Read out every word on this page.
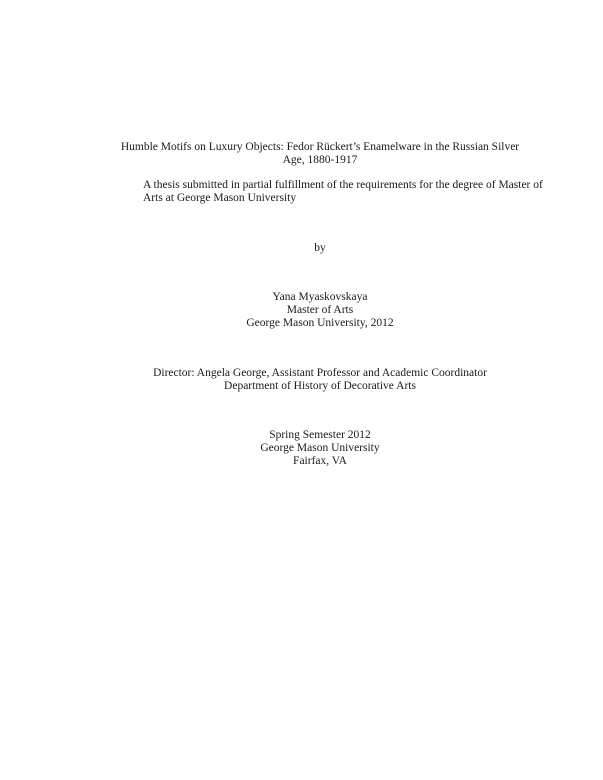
Humble Motifs on Luxury Objects: Fedor Rückert’s Enamelware in the Russian Silver
Age, 1880-1917
A thesis submitted in partial fulfillment of the requirements for the degree of Master of
Arts at George Mason University
by
Yana Myaskovskaya
Master of Arts
George Mason University, 2012
Director: Angela George, Assistant Professor and Academic Coordinator
Department of History of Decorative Arts
Spring Semester 2012
George Mason University
Fairfax, VA
